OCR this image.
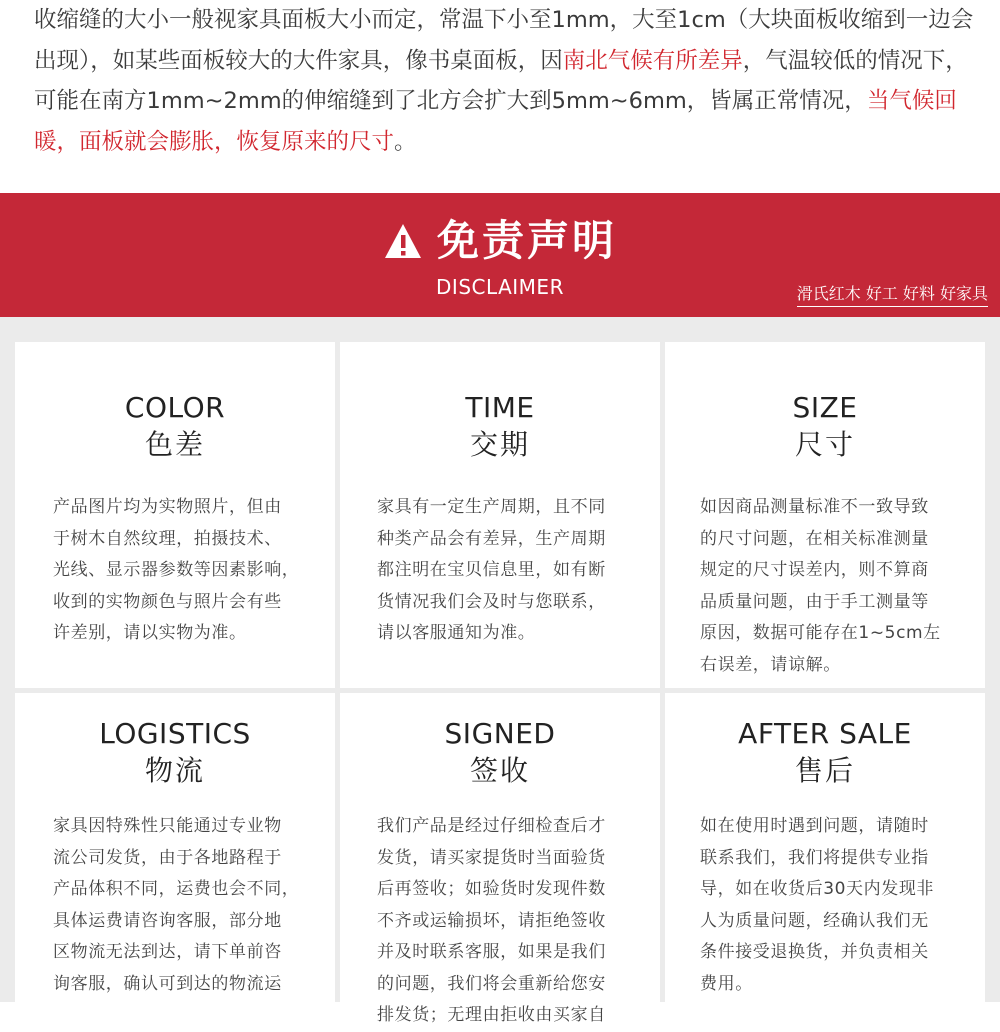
收缩缝的大小一般视家具面板大小而定，常温下小至1mm，大至1cm（大块面板收缩到一边会出现），如某些面板较大的大件家具，像书桌面板，因南北气候有所差异，气温较低的情况下，可能在南方1mm~2mm的伸缩缝到了北方会扩大到5mm~6mm，皆属正常情况，当气候回暖，面板就会膨胀，恢复原来的尺寸。
免责声明
DISCLAIMER	滑氏红木 好工 好料 好家具
COLOR
色差
产品图片均为实物照片，但由
于树木自然纹理，拍摄技术、
光线、显示器参数等因素影响，
收到的实物颜色与照片会有些
许差别，请以实物为准。
TIME
交期
家具有一定生产周期，且不同
种类产品会有差异，生产周期
都注明在宝贝信息里，如有断
货情况我们会及时与您联系，
请以客服通知为准。
SIZE
尺寸
如因商品测量标准不一致导致
的尺寸问题，在相关标准测量
规定的尺寸误差内，则不算商
品质量问题，由于手工测量等
原因，数据可能存在1~5cm左
右误差，请谅解。
LOGISTICS
物流
家具因特殊性只能通过专业物
流公司发货，由于各地路程于
产品体积不同，运费也会不同，
具体运费请咨询客服，部分地
区物流无法到达，请下单前咨
询客服，确认可到达的物流运
SIGNED
签收
我们产品是经过仔细检查后才
发货，请买家提货时当面验货
后再签收；如验货时发现件数
不齐或运输损坏，请拒绝签收
并及时联系客服，如果是我们
的问题，我们将会重新给您安
排发货；无理由拒收由买家自
AFTER SALE
售后
如在使用时遇到问题，请随时
联系我们，我们将提供专业指
导，如在收货后30天内发现非
人为质量问题，经确认我们无
条件接受退换货，并负责相关
费用。
